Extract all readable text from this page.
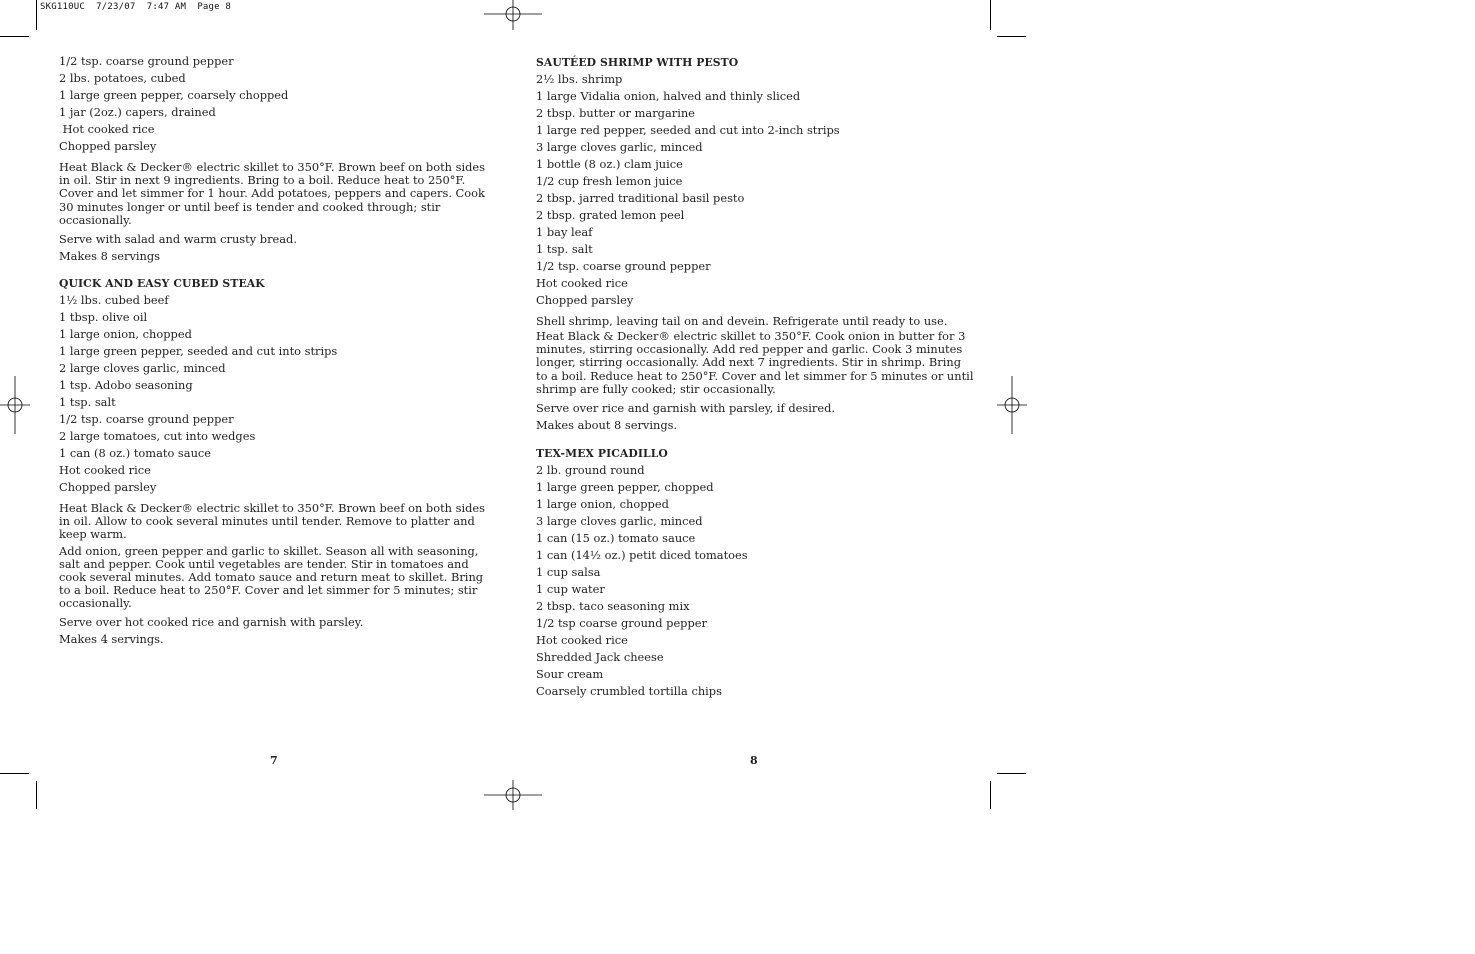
SKG110UC  7/23/07  7:47 AM  Page 8
1/2 tsp. coarse ground pepper
2 lbs. potatoes, cubed
1 large green pepper, coarsely chopped
1 jar (2oz.) capers, drained
Hot cooked rice
Chopped parsley
Heat Black & Decker® electric skillet to 350°F. Brown beef on both sides in oil. Stir in next 9 ingredients. Bring to a boil. Reduce heat to 250°F. Cover and let simmer for 1 hour. Add potatoes, peppers and capers. Cook 30 minutes longer or until beef is tender and cooked through; stir occasionally.
Serve with salad and warm crusty bread.
Makes 8 servings
QUICK AND EASY CUBED STEAK
1½ lbs. cubed beef
1 tbsp. olive oil
1 large onion, chopped
1 large green pepper, seeded and cut into strips
2 large cloves garlic, minced
1 tsp. Adobo seasoning
1 tsp. salt
1/2 tsp. coarse ground pepper
2 large tomatoes, cut into wedges
1 can (8 oz.) tomato sauce
Hot cooked rice
Chopped parsley
Heat Black & Decker® electric skillet to 350°F. Brown beef on both sides in oil. Allow to cook several minutes until tender. Remove to platter and keep warm.
Add onion, green pepper and garlic to skillet. Season all with seasoning, salt and pepper. Cook until vegetables are tender. Stir in tomatoes and cook several minutes. Add tomato sauce and return meat to skillet. Bring to a boil. Reduce heat to 250°F. Cover and let simmer for 5 minutes; stir occasionally.
Serve over hot cooked rice and garnish with parsley.
Makes 4 servings.
SAUTÉED SHRIMP WITH PESTO
2½ lbs. shrimp
1 large Vidalia onion, halved and thinly sliced
2 tbsp. butter or margarine
1 large red pepper, seeded and cut into 2-inch strips
3 large cloves garlic, minced
1 bottle (8 oz.) clam juice
1/2 cup fresh lemon juice
2 tbsp. jarred traditional basil pesto
2 tbsp. grated lemon peel
1 bay leaf
1 tsp. salt
1/2 tsp. coarse ground pepper
Hot cooked rice
Chopped parsley
Shell shrimp, leaving tail on and devein. Refrigerate until ready to use.
Heat Black & Decker® electric skillet to 350°F. Cook onion in butter for 3 minutes, stirring occasionally. Add red pepper and garlic. Cook 3 minutes longer, stirring occasionally. Add next 7 ingredients. Stir in shrimp. Bring to a boil. Reduce heat to 250°F. Cover and let simmer for 5 minutes or until shrimp are fully cooked; stir occasionally.
Serve over rice and garnish with parsley, if desired.
Makes about 8 servings.
TEX-MEX PICADILLO
2 lb. ground round
1 large green pepper, chopped
1 large onion, chopped
3 large cloves garlic, minced
1 can (15 oz.) tomato sauce
1 can (14½ oz.) petit diced tomatoes
1 cup salsa
1 cup water
2 tbsp. taco seasoning mix
1/2 tsp coarse ground pepper
Hot cooked rice
Shredded Jack cheese
Sour cream
Coarsely crumbled tortilla chips
7	8
